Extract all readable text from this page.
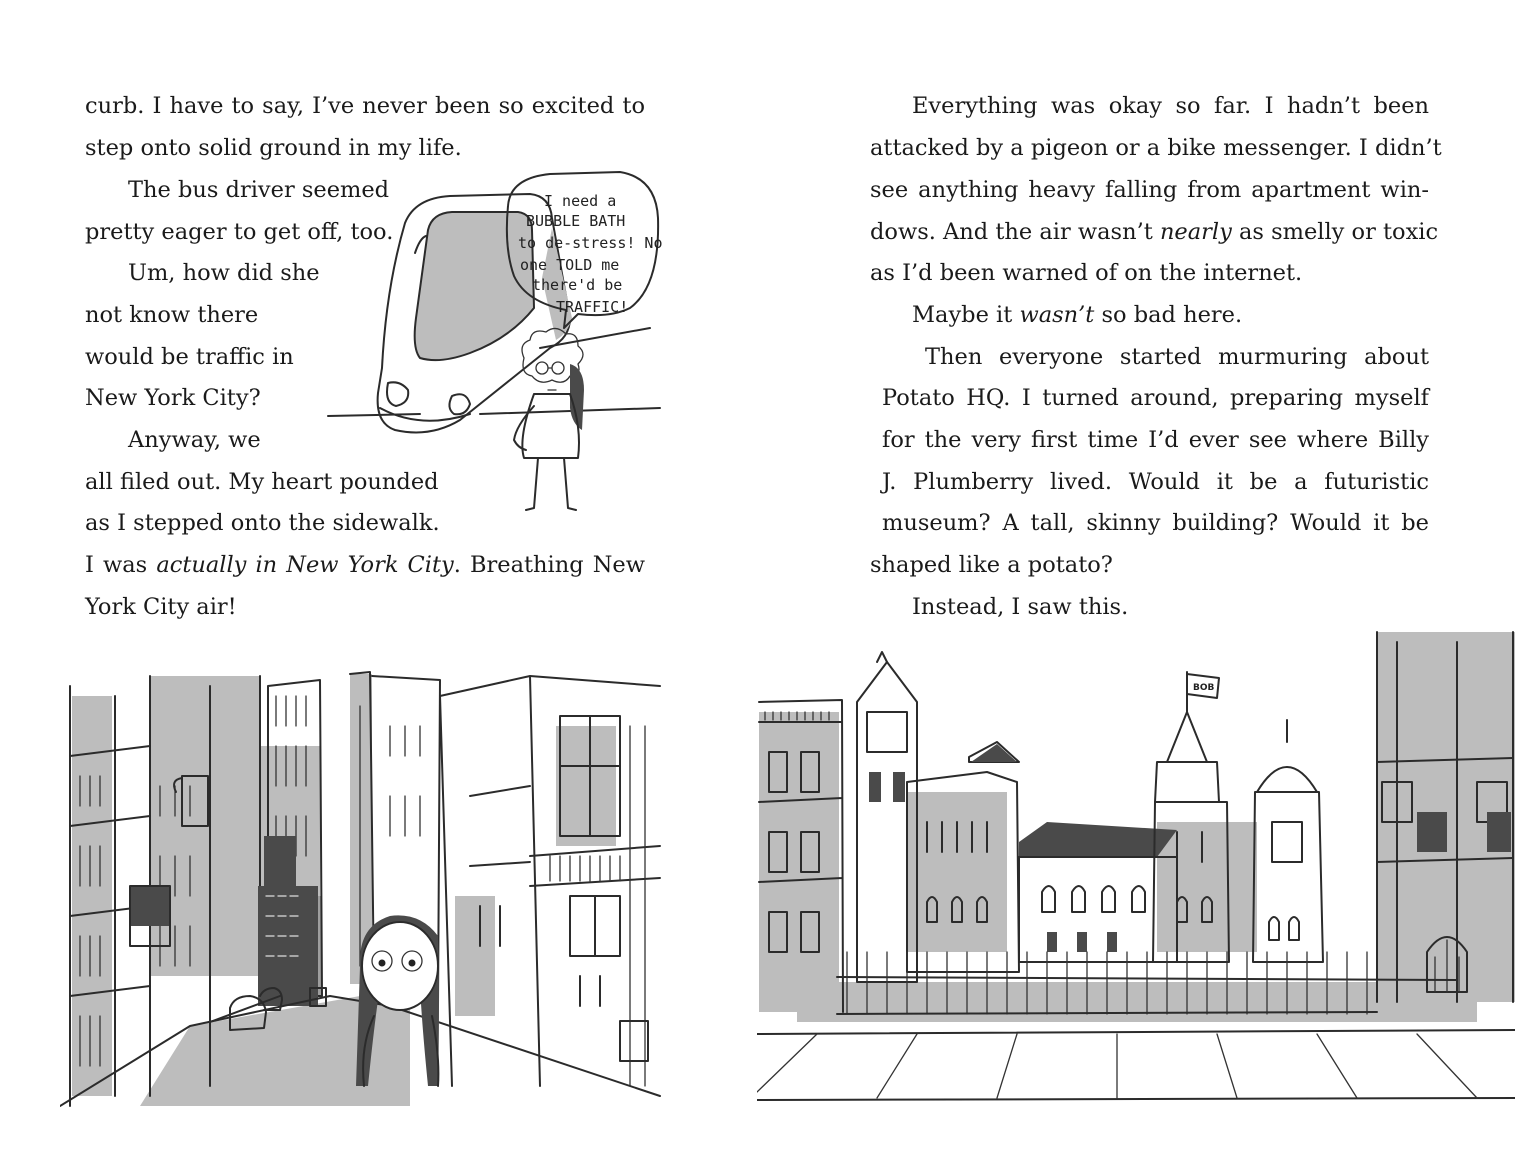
curb. I have to say, I’ve never been so excited to

step onto solid ground in my life.

The bus driver seemed

pretty eager to get off, too.

Um, how did she

not know there

would be traffic in

New York City?

Anyway, we

all filed out. My heart pounded

as I stepped onto the sidewalk.

I was actually in New York City. Breathing New

York City air!

I need a
BUBBLE BATH
to de-stress! No
one TOLD me
there'd be
TRAFFIC!

Everything was okay so far. I hadn’t been

attacked by a pigeon or a bike messenger. I didn’t

see anything heavy falling from apartment win-

dows. And the air wasn’t nearly as smelly or toxic

as I’d been warned of on the internet.

Maybe it wasn’t so bad here.

Then everyone started murmuring about

Potato HQ. I turned around, preparing myself

for the very first time I’d ever see where Billy

J. Plumberry lived. Would it be a futuristic

museum? A tall, skinny building? Would it be

shaped like a potato?

Instead, I saw this.

BOB
